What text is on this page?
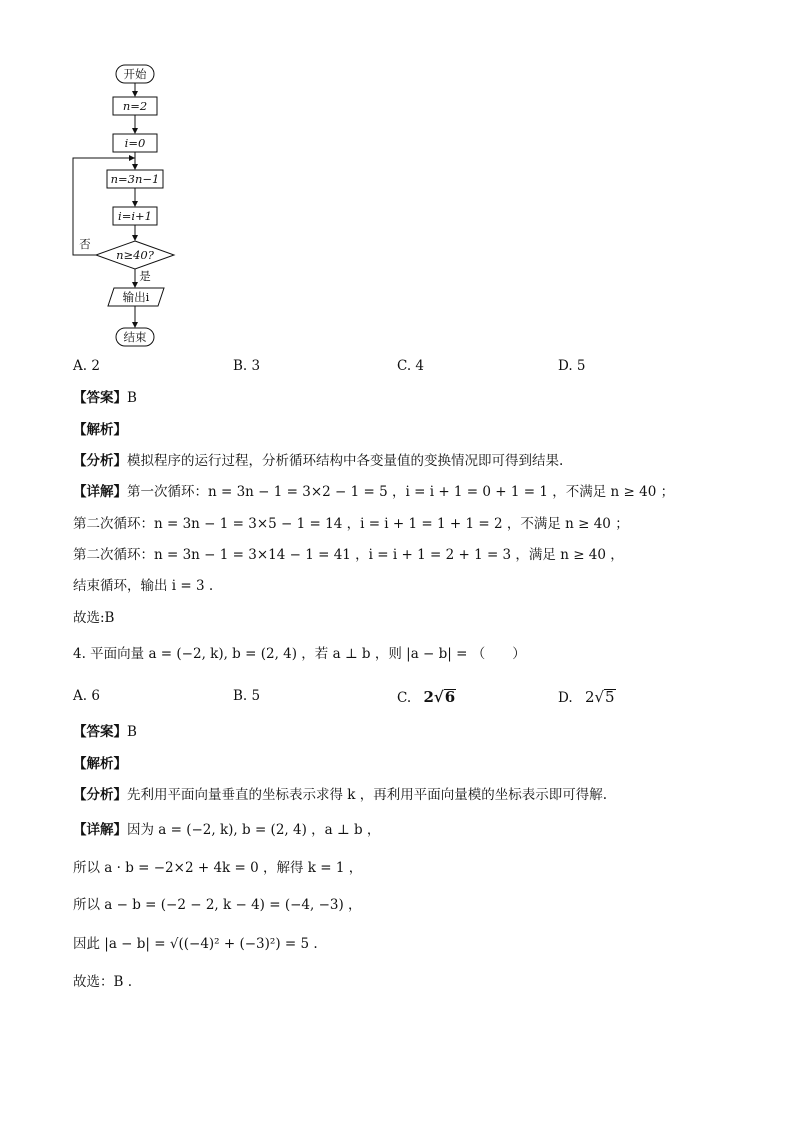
开始
n=2
i=0
n=3n−1
i=i+1
n≥40?
否
是
输出i
结束
A. 2	B. 3	C. 4	D. 5
【答案】B
【解析】
【分析】模拟程序的运行过程，分析循环结构中各变量值的变换情况即可得到结果.
【详解】第一次循环：n = 3n − 1 = 3×2 − 1 = 5 ，i = i + 1 = 0 + 1 = 1 ，不满足 n ≥ 40 ；
第二次循环：n = 3n − 1 = 3×5 − 1 = 14 ，i = i + 1 = 1 + 1 = 2 ，不满足 n ≥ 40 ；
第二次循环：n = 3n − 1 = 3×14 − 1 = 41 ，i = i + 1 = 2 + 1 = 3 ，满足 n ≥ 40 ，
结束循环，输出 i = 3 .
故选:B
4. 平面向量 a = (−2, k), b = (2, 4) ，若 a ⊥ b ，则 |a − b| = （　　）
A. 6	B. 5	C. 2√6	D. 2√5
【答案】B
【解析】
【分析】先利用平面向量垂直的坐标表示求得 k ，再利用平面向量模的坐标表示即可得解.
【详解】因为 a = (−2, k), b = (2, 4) ，a ⊥ b ，
所以 a · b = −2×2 + 4k = 0 ，解得 k = 1 ，
所以 a − b = (−2 − 2, k − 4) = (−4, −3) ，
因此 |a − b| = √((−4)² + (−3)²) = 5 .
故选：B .
